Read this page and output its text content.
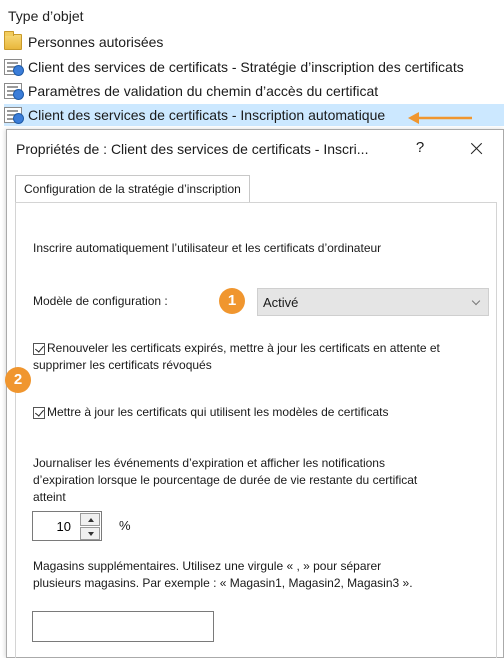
Type d’objet
Personnes autorisées
Client des services de certificats - Stratégie d’inscription des certificats
Paramètres de validation du chemin d’accès du certificat
Client des services de certificats - Inscription automatique
Propriétés de : Client des services de certificats - Inscri...	?
Configuration de la stratégie d’inscription
Inscrire automatiquement l’utilisateur et les certificats d’ordinateur
Modèle de configuration :	1	Activé
Renouveler les certificats expirés, mettre à jour les certificats en attente et
supprimer les certificats révoqués
2
Mettre à jour les certificats qui utilisent les modèles de certificats
Journaliser les événements d’expiration et afficher les notifications
d’expiration lorsque le pourcentage de durée de vie restante du certificat
atteint
10
%
Magasins supplémentaires. Utilisez une virgule « , » pour séparer
plusieurs magasins. Par exemple : « Magasin1, Magasin2, Magasin3 ».
